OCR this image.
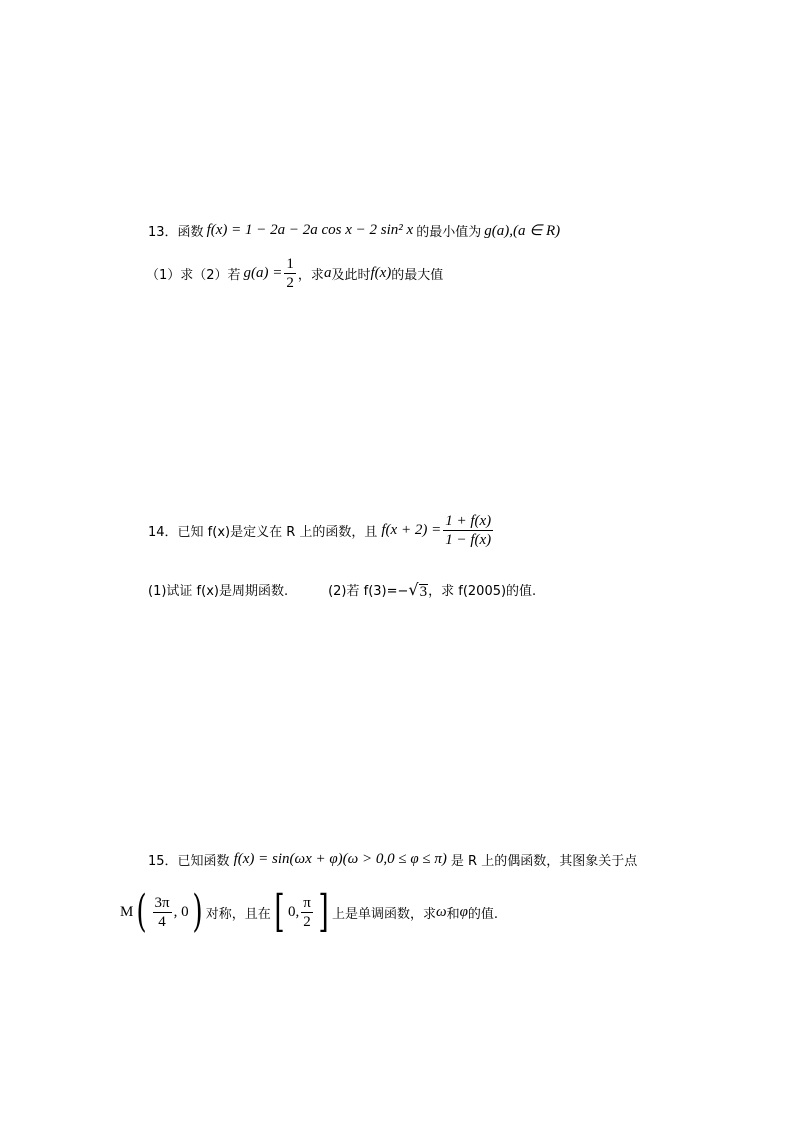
13． 函数 f(x) = 1 − 2a − 2a cos x − 2 sin² x 的最小值为 g(a),(a ∈ R)
（1）求（2）若 $g(a) = \frac{1}{2}$ ，求 a 及此时 f(x) 的最大值
14． 已知 f(x)是定义在 R 上的函数，且 $f(x + 2) = \frac{1 + f(x)}{1 - f(x)}$
(1)试证 f(x)是周期函数.	(2)若 f(3)=− √ 3 ，求 f(2005)的值.
15． 已知函数 f(x) = sin(ωx + φ)(ω > 0,0 ≤ φ ≤ π) 是 R 上的偶函数，其图象关于点
M ( $\frac{3\pi}{4}$ , 0 ) 对称，且在 [ 0, $\frac{\pi}{2}$ ] 上是单调函数，求 ω 和 φ 的值.
